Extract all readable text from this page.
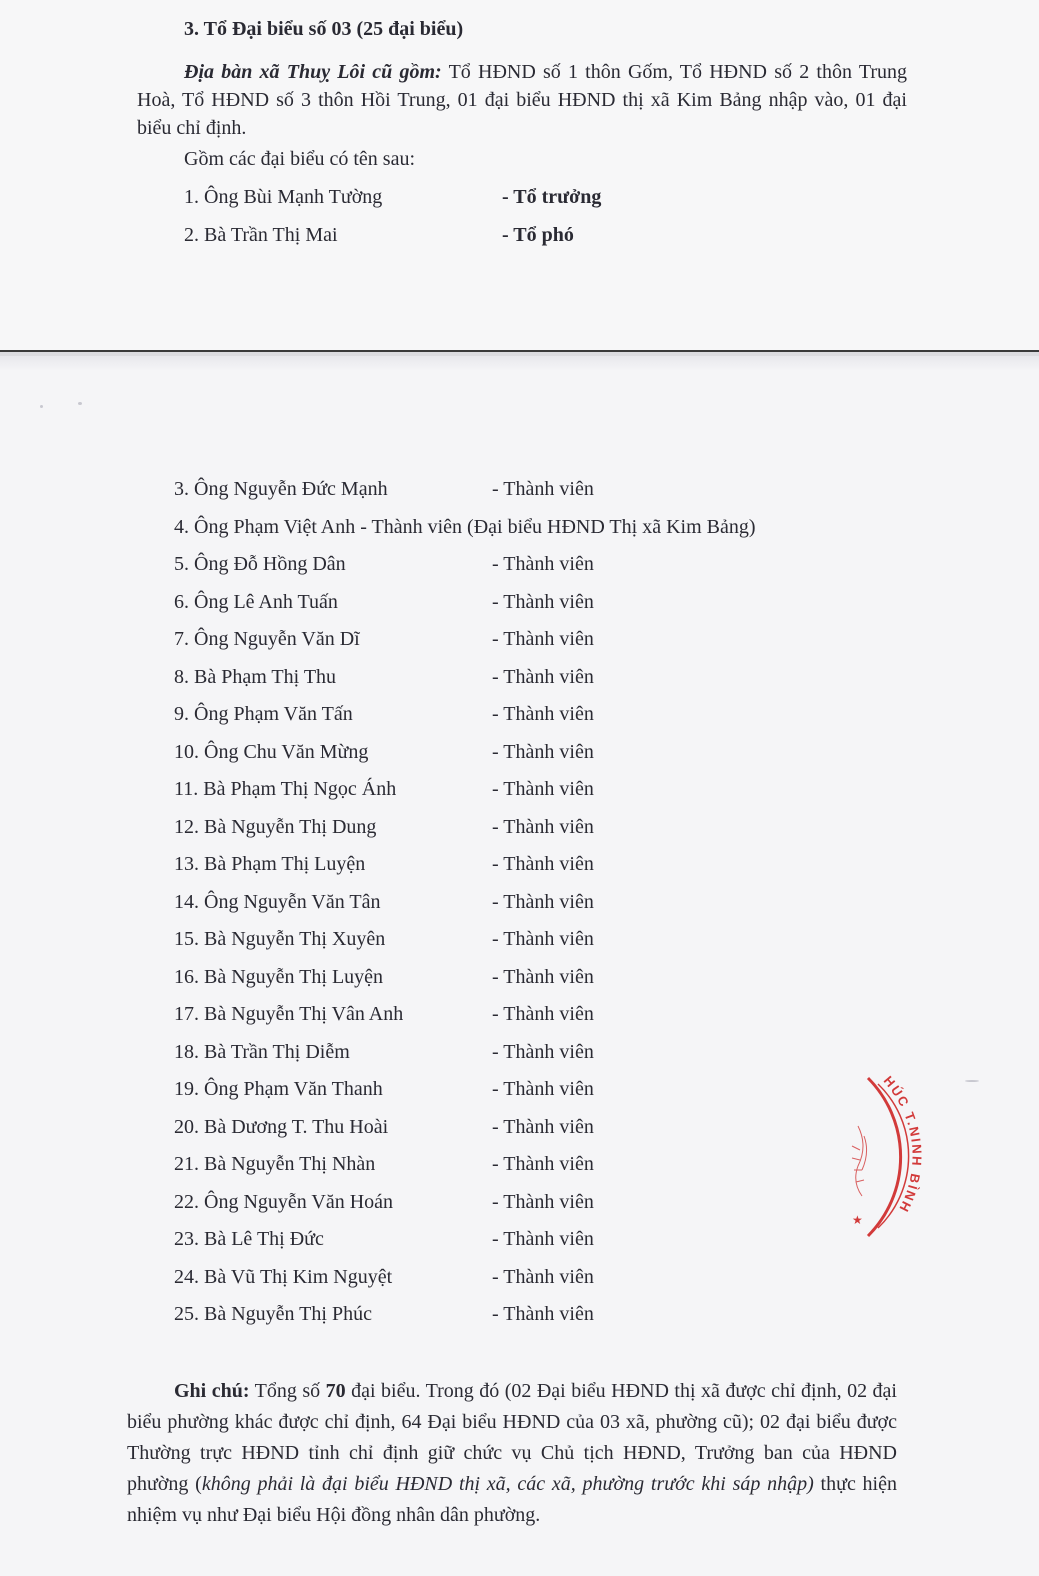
3. Tổ Đại biểu số 03 (25 đại biểu)
Địa bàn xã Thuỵ Lôi cũ gồm: Tổ HĐND số 1 thôn Gốm, Tổ HĐND số 2 thôn Trung Hoà, Tổ HĐND số 3 thôn Hồi Trung, 01 đại biểu HĐND thị xã Kim Bảng nhập vào, 01 đại biểu chỉ định.
Gồm các đại biểu có tên sau:
1. Ông Bùi Mạnh Tường	- Tổ trưởng
2. Bà Trần Thị Mai	- Tổ phó
3. Ông Nguyễn Đức Mạnh	- Thành viên
4. Ông Phạm Việt Anh - Thành viên (Đại biểu HĐND Thị xã Kim Bảng)
5. Ông Đỗ Hồng Dân	- Thành viên
6. Ông Lê Anh Tuấn	- Thành viên
7. Ông Nguyễn Văn Dĩ	- Thành viên
8. Bà Phạm Thị Thu	- Thành viên
9. Ông Phạm Văn Tấn	- Thành viên
10. Ông Chu Văn Mừng	- Thành viên
11. Bà Phạm Thị Ngọc Ánh	- Thành viên
12. Bà Nguyễn Thị Dung	- Thành viên
13. Bà Phạm Thị Luyện	- Thành viên
14. Ông Nguyễn Văn Tân	- Thành viên
15. Bà Nguyễn Thị Xuyên	- Thành viên
16. Bà Nguyễn Thị Luyện	- Thành viên
17. Bà Nguyễn Thị Vân Anh	- Thành viên
18. Bà Trần Thị Diễm	- Thành viên
19. Ông Phạm Văn Thanh	- Thành viên
20. Bà Dương T. Thu Hoài	- Thành viên
21. Bà Nguyễn Thị Nhàn	- Thành viên
22. Ông Nguyễn Văn Hoán	- Thành viên
23. Bà Lê Thị Đức	- Thành viên
24. Bà Vũ Thị Kim Nguyệt	- Thành viên
25. Bà Nguyễn Thị Phúc	- Thành viên
Ghi chú: Tổng số 70 đại biểu. Trong đó (02 Đại biểu HĐND thị xã được chỉ định, 02 đại biểu phường khác được chỉ định, 64 Đại biểu HĐND của 03 xã, phường cũ); 02 đại biểu được Thường trực HĐND tỉnh chỉ định giữ chức vụ Chủ tịch HĐND, Trưởng ban của HĐND phường (không phải là đại biểu HĐND thị xã, các xã, phường trước khi sáp nhập) thực hiện nhiệm vụ như Đại biểu Hội đồng nhân dân phường.
HÚC T.NINH BÌNH
★
